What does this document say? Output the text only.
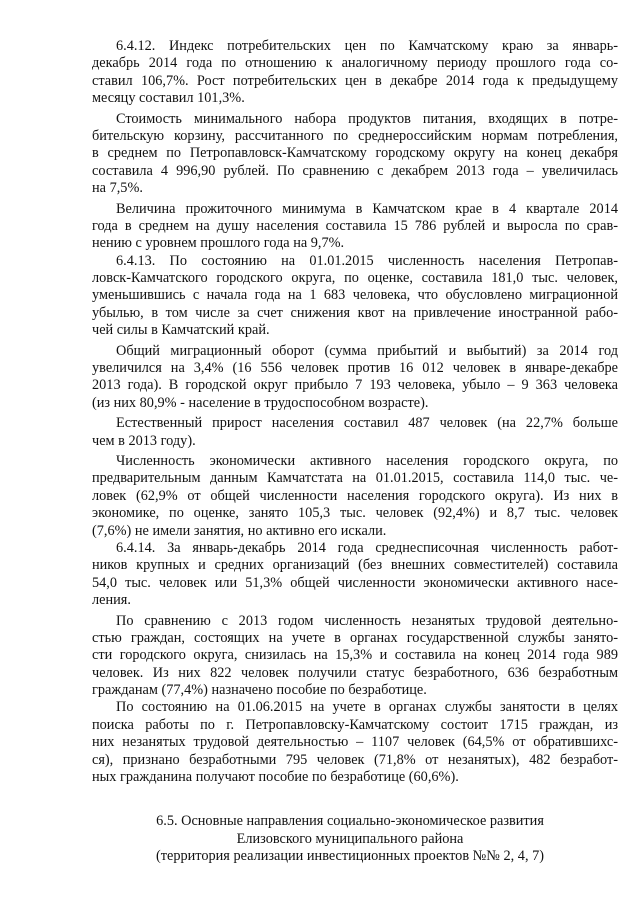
6.4.12. Индекс потребительских цен по Камчатскому краю за январь-
декабрь 2014 года по отношению к аналогичному периоду прошлого года со-
ставил 106,7%. Рост потребительских цен в декабре 2014 года к предыдущему
месяцу составил 101,3%.
Стоимость минимального набора продуктов питания, входящих в потре-
бительскую корзину, рассчитанного по среднероссийским нормам потребления,
в среднем по Петропавловск-Камчатскому городскому округу на конец декабря
составила 4 996,90 рублей. По сравнению с декабрем 2013 года – увеличилась
на 7,5%.
Величина прожиточного минимума в Камчатском крае в 4 квартале 2014
года в среднем на душу населения составила 15 786 рублей и выросла по срав-
нению с уровнем прошлого года на 9,7%.
6.4.13. По состоянию на 01.01.2015 численность населения Петропав-
ловск-Камчатского городского округа, по оценке, составила 181,0 тыс. человек,
уменьшившись с начала года на 1 683 человека, что обусловлено миграционной
убылью, в том числе за счет снижения квот на привлечение иностранной рабо-
чей силы в Камчатский край.
Общий миграционный оборот (сумма прибытий и выбытий) за 2014 год
увеличился на 3,4% (16 556 человек против 16 012 человек в январе-декабре
2013 года). В городской округ прибыло 7 193 человека, убыло – 9 363 человека
(из них 80,9% - население в трудоспособном возрасте).
Естественный прирост населения составил 487 человек (на 22,7% больше
чем в 2013 году).
Численность экономически активного населения городского округа, по
предварительным данным Камчатстата на 01.01.2015, составила 114,0 тыс. че-
ловек (62,9% от общей численности населения городского округа). Из них в
экономике, по оценке, занято 105,3 тыс. человек (92,4%) и 8,7 тыс. человек
(7,6%) не имели занятия, но активно его искали.
6.4.14. За январь-декабрь 2014 года среднесписочная численность работ-
ников крупных и средних организаций (без внешних совместителей) составила
54,0 тыс. человек или 51,3% общей численности экономически активного насе-
ления.
По сравнению с 2013 годом численность незанятых трудовой деятельно-
стью граждан, состоящих на учете в органах государственной службы занято-
сти городского округа, снизилась на 15,3% и составила на конец 2014 года 989
человек. Из них 822 человек получили статус безработного, 636 безработным
гражданам (77,4%) назначено пособие по безработице.
По состоянию на 01.06.2015 на учете в органах службы занятости в целях
поиска работы по г. Петропавловску-Камчатскому состоит 1715 граждан, из
них незанятых трудовой деятельностью – 1107 человек (64,5% от обратившихс-
ся), признано безработными 795 человек (71,8% от незанятых), 482 безработ-
ных гражданина получают пособие по безработице (60,6%).
6.5. Основные направления социально-экономическое развития
Елизовского муниципального района
(территория реализации инвестиционных проектов №№ 2, 4, 7)
